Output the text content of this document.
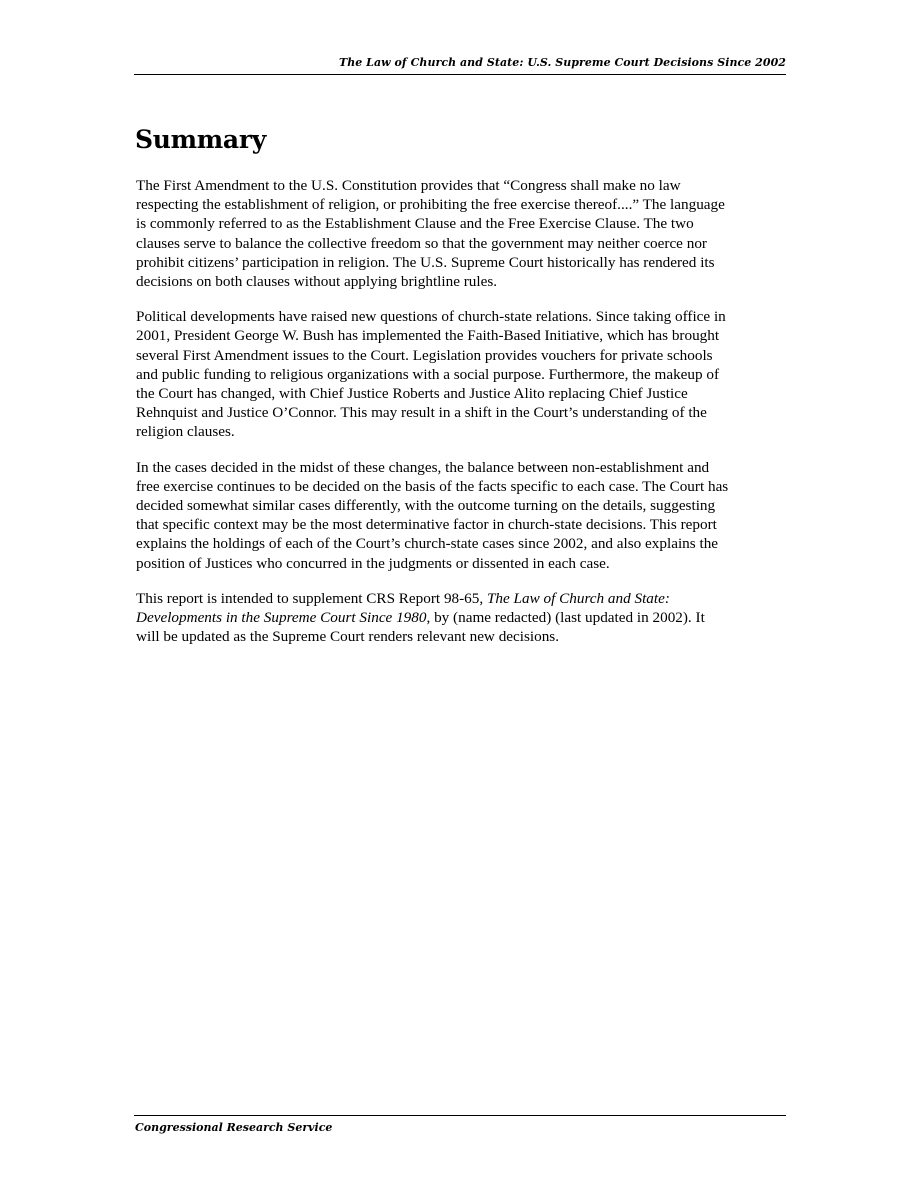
The Law of Church and State: U.S. Supreme Court Decisions Since 2002
Summary

The First Amendment to the U.S. Constitution provides that “Congress shall make no law
respecting the establishment of religion, or prohibiting the free exercise thereof....” The language
is commonly referred to as the Establishment Clause and the Free Exercise Clause. The two
clauses serve to balance the collective freedom so that the government may neither coerce nor
prohibit citizens’ participation in religion. The U.S. Supreme Court historically has rendered its
decisions on both clauses without applying brightline rules.

Political developments have raised new questions of church-state relations. Since taking office in
2001, President George W. Bush has implemented the Faith-Based Initiative, which has brought
several First Amendment issues to the Court. Legislation provides vouchers for private schools
and public funding to religious organizations with a social purpose. Furthermore, the makeup of
the Court has changed, with Chief Justice Roberts and Justice Alito replacing Chief Justice
Rehnquist and Justice O’Connor. This may result in a shift in the Court’s understanding of the
religion clauses.

In the cases decided in the midst of these changes, the balance between non-establishment and
free exercise continues to be decided on the basis of the facts specific to each case. The Court has
decided somewhat similar cases differently, with the outcome turning on the details, suggesting
that specific context may be the most determinative factor in church-state decisions. This report
explains the holdings of each of the Court’s church-state cases since 2002, and also explains the
position of Justices who concurred in the judgments or dissented in each case.

This report is intended to supplement CRS Report 98-65, The Law of Church and State:
Developments in the Supreme Court Since 1980, by (name redacted) (last updated in 2002). It
will be updated as the Supreme Court renders relevant new decisions.

Congressional Research Service
